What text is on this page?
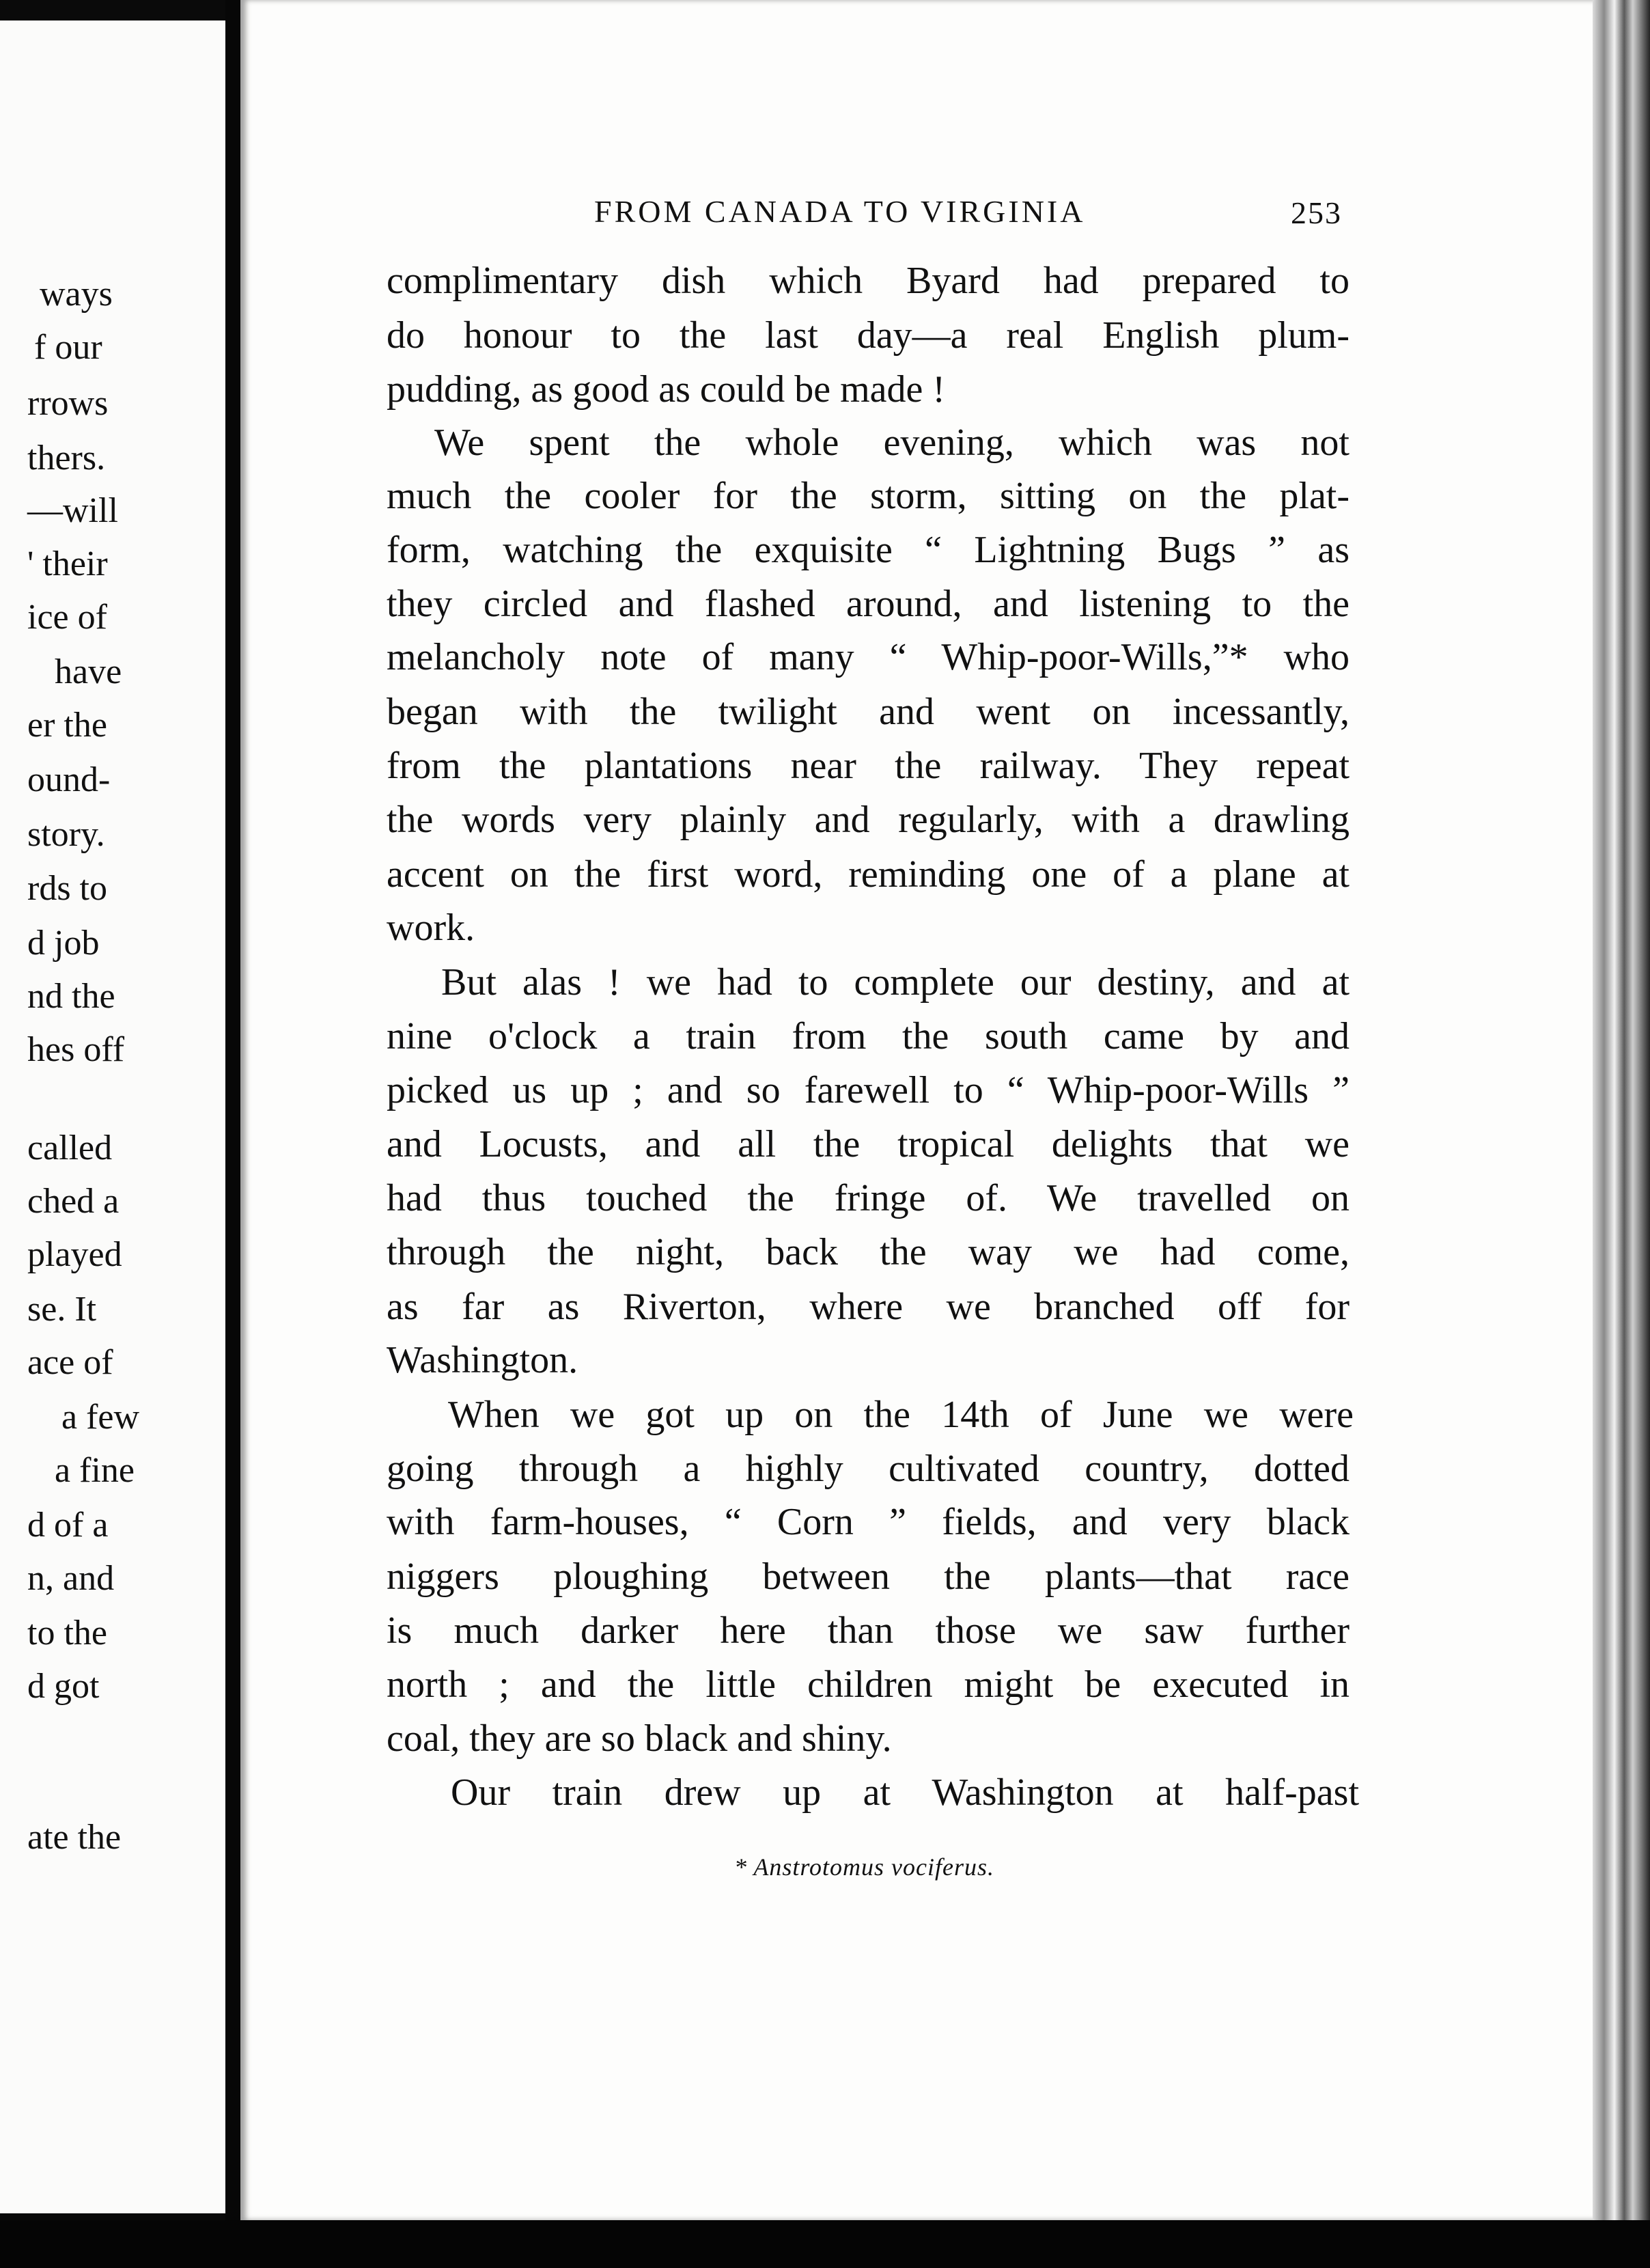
ways
f our
rrows
thers.
—will
' their
ice of
have
er the
ound-
story.
rds to
d job
nd the
hes off
called
ched a
played
se. It
ace of
a few
a fine
d of a
n, and
to the
d got
ate the
FROM CANADA TO VIRGINIA	253
complimentary dish which Byard had prepared to
do honour to the last day—a real English plum-
pudding, as good as could be made !
We spent the whole evening, which was not
much the cooler for the storm, sitting on the plat-
form, watching the exquisite “ Lightning Bugs ” as
they circled and flashed around, and listening to the
melancholy note of many “ Whip-poor-Wills,”* who
began with the twilight and went on incessantly,
from the plantations near the railway. They repeat
the words very plainly and regularly, with a drawling
accent on the first word, reminding one of a plane at
work.
But alas ! we had to complete our destiny, and at
nine o'clock a train from the south came by and
picked us up ; and so farewell to “ Whip-poor-Wills ”
and Locusts, and all the tropical delights that we
had thus touched the fringe of. We travelled on
through the night, back the way we had come,
as far as Riverton, where we branched off for
Washington.
When we got up on the 14th of June we were
going through a highly cultivated country, dotted
with farm-houses, “ Corn ” fields, and very black
niggers ploughing between the plants—that race
is much darker here than those we saw further
north ; and the little children might be executed in
coal, they are so black and shiny.
Our train drew up at Washington at half-past
* Anstrotomus vociferus.
